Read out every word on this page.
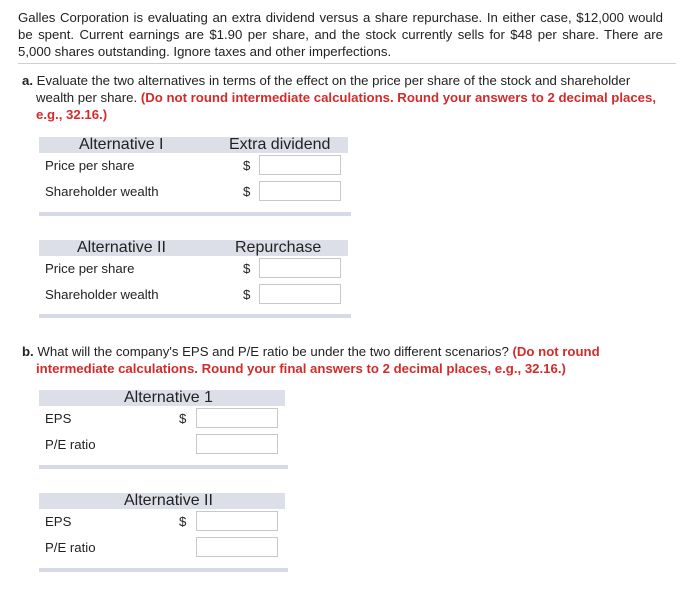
Galles Corporation is evaluating an extra dividend versus a share repurchase. In either case, $12,000 would be spent. Current earnings are $1.90 per share, and the stock currently sells for $48 per share. There are 5,000 shares outstanding. Ignore taxes and other imperfections.
a. Evaluate the two alternatives in terms of the effect on the price per share of the stock and shareholder wealth per share. (Do not round intermediate calculations. Round your answers to 2 decimal places, e.g., 32.16.)
Alternative I	Extra dividend
Price per share	$
Shareholder wealth	$
Alternative II	Repurchase
Price per share	$
Shareholder wealth	$
b. What will the company's EPS and P/E ratio be under the two different scenarios? (Do not round intermediate calculations. Round your final answers to 2 decimal places, e.g., 32.16.)
Alternative 1
EPS	$
P/E ratio
Alternative II
EPS	$
P/E ratio
